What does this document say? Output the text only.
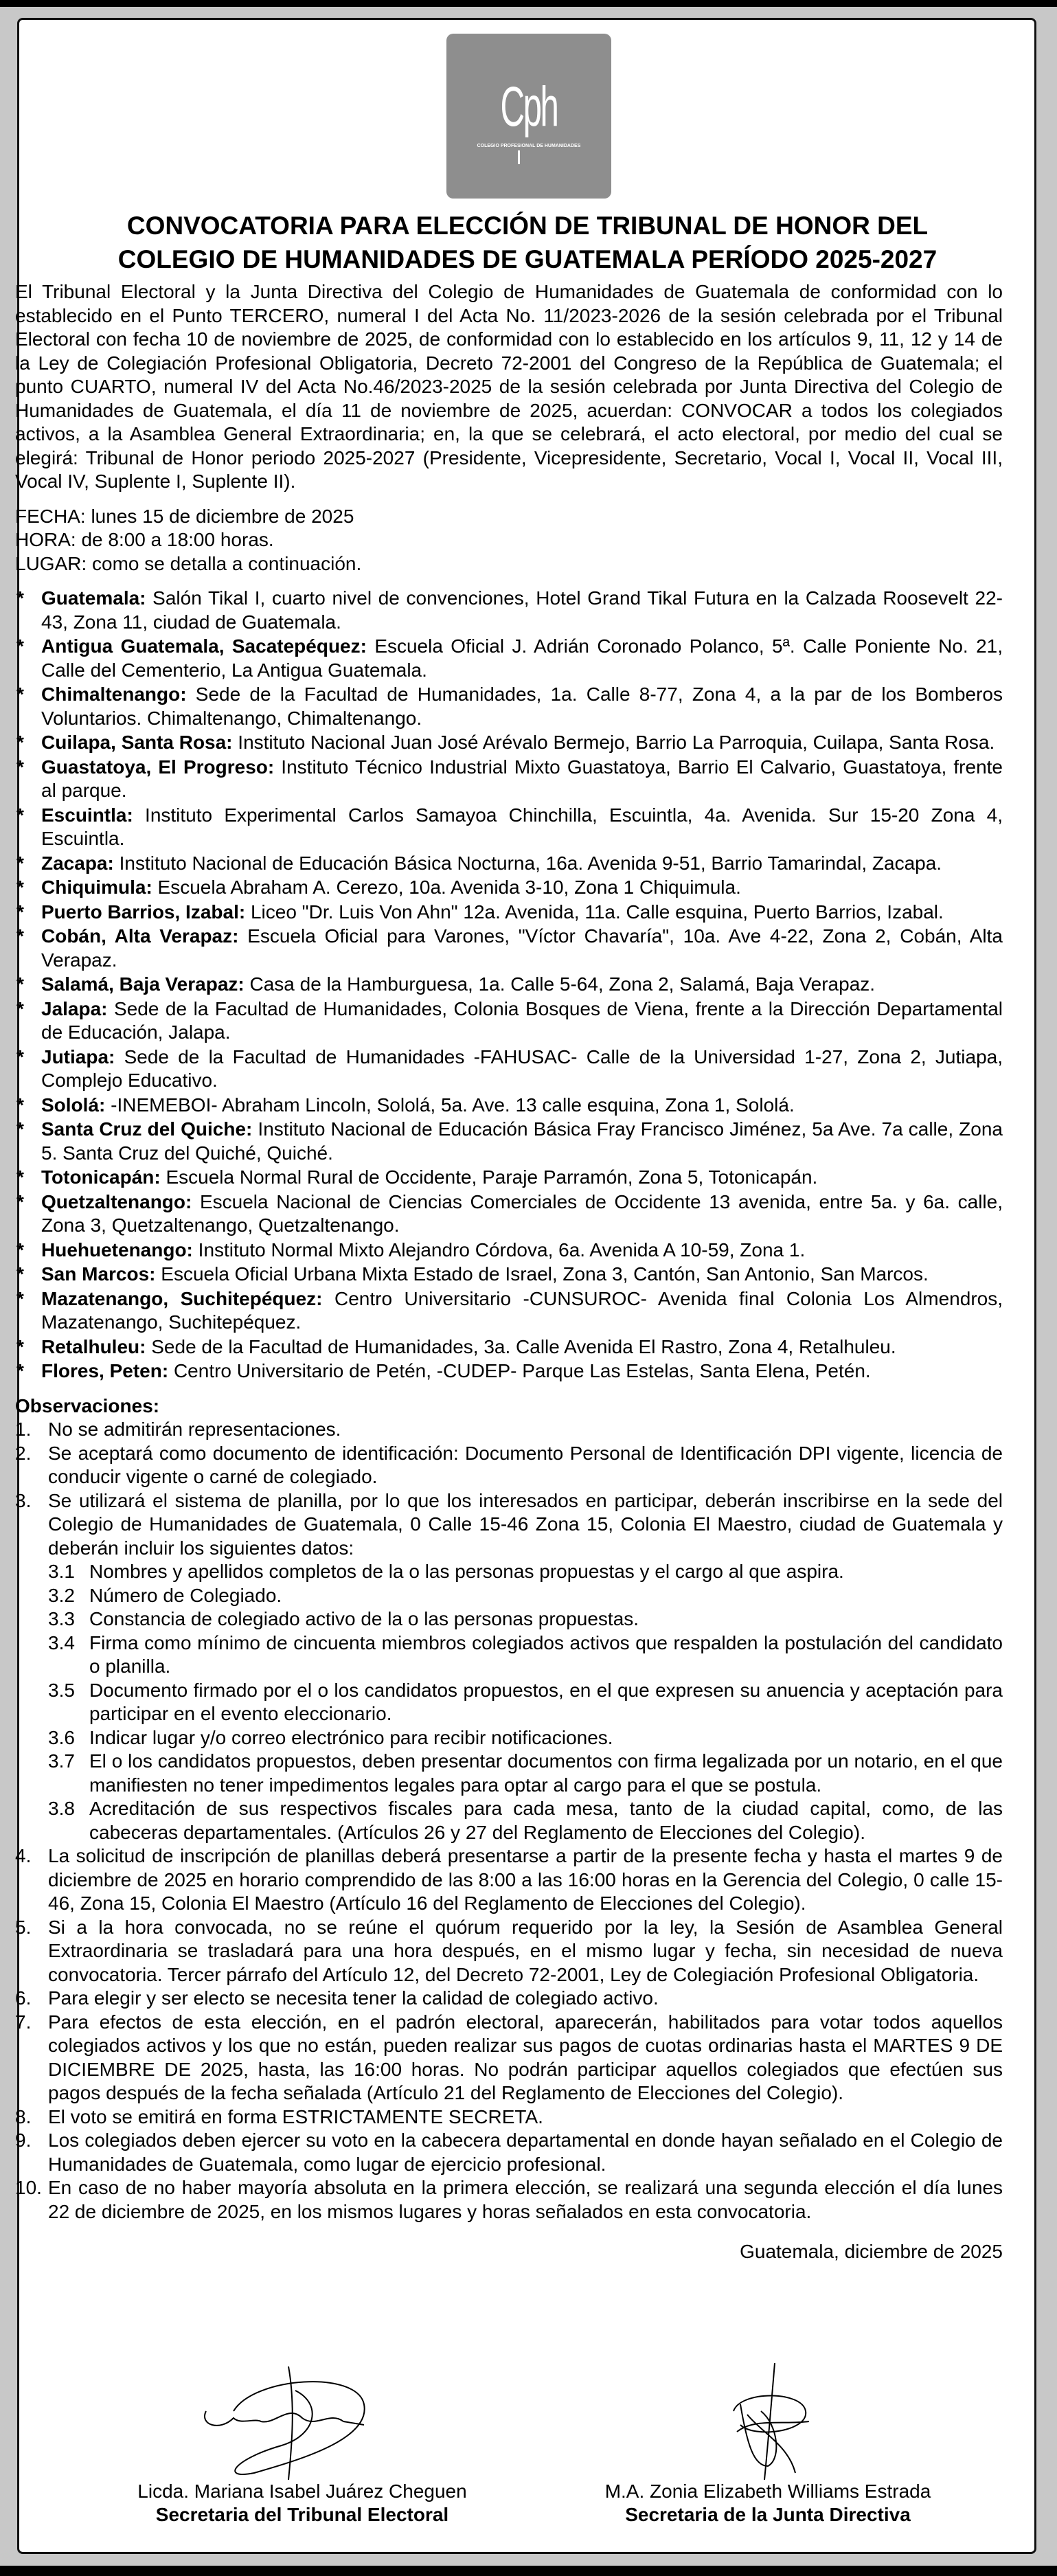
Cph
COLEGIO PROFESIONAL DE HUMANIDADES
CONVOCATORIA PARA ELECCIÓN DE TRIBUNAL DE HONOR DEL
COLEGIO DE HUMANIDADES DE GUATEMALA PERÍODO 2025-2027

El Tribunal Electoral y la Junta Directiva del Colegio de Humanidades de Guatemala de conformidad con lo establecido en el Punto TERCERO, numeral I del Acta No. 11/2023-2026 de la sesión celebrada por el Tribunal Electoral con fecha 10 de noviembre de 2025, de conformidad con lo establecido en los artículos 9, 11, 12 y 14 de la Ley de Colegiación Profesional Obligatoria, Decreto 72-2001 del Congreso de la República de Guatemala; el punto CUARTO, numeral IV del Acta No.46/2023-2025 de la sesión celebrada por Junta Directiva del Colegio de Humanidades de Guatemala, el día 11 de noviembre de 2025, acuerdan: CONVOCAR a todos los colegiados activos, a la Asamblea General Extraordinaria; en, la que se celebrará, el acto electoral, por medio del cual se elegirá: Tribunal de Honor periodo 2025-2027 (Presidente, Vicepresidente, Secretario, Vocal I, Vocal II, Vocal III, Vocal IV, Suplente I, Suplente II).

FECHA: lunes 15 de diciembre de 2025
HORA: de 8:00 a 18:00 horas.
LUGAR: como se detalla a continuación.
* Guatemala: Salón Tikal I, cuarto nivel de convenciones, Hotel Grand Tikal Futura en la Calzada Roosevelt 22-43, Zona 11, ciudad de Guatemala.
* Antigua Guatemala, Sacatepéquez: Escuela Oficial J. Adrián Coronado Polanco, 5ª. Calle Poniente No. 21, Calle del Cementerio, La Antigua Guatemala.
* Chimaltenango: Sede de la Facultad de Humanidades, 1a. Calle 8-77, Zona 4, a la par de los Bomberos Voluntarios. Chimaltenango, Chimaltenango.
* Cuilapa, Santa Rosa: Instituto Nacional Juan José Arévalo Bermejo, Barrio La Parroquia, Cuilapa, Santa Rosa.
* Guastatoya, El Progreso: Instituto Técnico Industrial Mixto Guastatoya, Barrio El Calvario, Guastatoya, frente al parque.
* Escuintla: Instituto Experimental Carlos Samayoa Chinchilla, Escuintla, 4a. Avenida. Sur 15-20 Zona 4, Escuintla.
* Zacapa: Instituto Nacional de Educación Básica Nocturna, 16a. Avenida 9-51, Barrio Tamarindal, Zacapa.
* Chiquimula: Escuela Abraham A. Cerezo, 10a. Avenida 3-10, Zona 1 Chiquimula.
* Puerto Barrios, Izabal: Liceo "Dr. Luis Von Ahn" 12a. Avenida, 11a. Calle esquina, Puerto Barrios, Izabal.
* Cobán, Alta Verapaz: Escuela Oficial para Varones, "Víctor Chavaría", 10a. Ave 4-22, Zona 2, Cobán, Alta Verapaz.
* Salamá, Baja Verapaz: Casa de la Hamburguesa, 1a. Calle 5-64, Zona 2, Salamá, Baja Verapaz.
* Jalapa: Sede de la Facultad de Humanidades, Colonia Bosques de Viena, frente a la Dirección Departamental de Educación, Jalapa.
* Jutiapa: Sede de la Facultad de Humanidades -FAHUSAC- Calle de la Universidad 1-27, Zona 2, Jutiapa, Complejo Educativo.
* Sololá: -INEMEBOI- Abraham Lincoln, Sololá, 5a. Ave. 13 calle esquina, Zona 1, Sololá.
* Santa Cruz del Quiche: Instituto Nacional de Educación Básica Fray Francisco Jiménez, 5a Ave. 7a calle, Zona 5. Santa Cruz del Quiché, Quiché.
* Totonicapán: Escuela Normal Rural de Occidente, Paraje Parramón, Zona 5, Totonicapán.
* Quetzaltenango: Escuela Nacional de Ciencias Comerciales de Occidente 13 avenida, entre 5a. y 6a. calle, Zona 3, Quetzaltenango, Quetzaltenango.
* Huehuetenango: Instituto Normal Mixto Alejandro Córdova, 6a. Avenida A 10-59, Zona 1.
* San Marcos: Escuela Oficial Urbana Mixta Estado de Israel, Zona 3, Cantón, San Antonio, San Marcos.
* Mazatenango, Suchitepéquez: Centro Universitario -CUNSUROC- Avenida final Colonia Los Almendros, Mazatenango, Suchitepéquez.
* Retalhuleu: Sede de la Facultad de Humanidades, 3a. Calle Avenida El Rastro, Zona 4, Retalhuleu.
* Flores, Peten: Centro Universitario de Petén, -CUDEP- Parque Las Estelas, Santa Elena, Petén.
Observaciones:
1. No se admitirán representaciones.
2. Se aceptará como documento de identificación: Documento Personal de Identificación DPI vigente, licencia de conducir vigente o carné de colegiado.
3. Se utilizará el sistema de planilla, por lo que los interesados en participar, deberán inscribirse en la sede del Colegio de Humanidades de Guatemala, 0 Calle 15-46 Zona 15, Colonia El Maestro, ciudad de Guatemala y deberán incluir los siguientes datos:
3.1 Nombres y apellidos completos de la o las personas propuestas y el cargo al que aspira.
3.2 Número de Colegiado.
3.3 Constancia de colegiado activo de la o las personas propuestas.
3.4 Firma como mínimo de cincuenta miembros colegiados activos que respalden la postulación del candidato o planilla.
3.5 Documento firmado por el o los candidatos propuestos, en el que expresen su anuencia y aceptación para participar en el evento eleccionario.
3.6 Indicar lugar y/o correo electrónico para recibir notificaciones.
3.7 El o los candidatos propuestos, deben presentar documentos con firma legalizada por un notario, en el que manifiesten no tener impedimentos legales para optar al cargo para el que se postula.
3.8 Acreditación de sus respectivos fiscales para cada mesa, tanto de la ciudad capital, como, de las cabeceras departamentales. (Artículos 26 y 27 del Reglamento de Elecciones del Colegio).
4. La solicitud de inscripción de planillas deberá presentarse a partir de la presente fecha y hasta el martes 9 de diciembre de 2025 en horario comprendido de las 8:00 a las 16:00 horas en la Gerencia del Colegio, 0 calle 15-46, Zona 15, Colonia El Maestro (Artículo 16 del Reglamento de Elecciones del Colegio).
5. Si a la hora convocada, no se reúne el quórum requerido por la ley, la Sesión de Asamblea General Extraordinaria se trasladará para una hora después, en el mismo lugar y fecha, sin necesidad de nueva convocatoria. Tercer párrafo del Artículo 12, del Decreto 72-2001, Ley de Colegiación Profesional Obligatoria.
6. Para elegir y ser electo se necesita tener la calidad de colegiado activo.
7. Para efectos de esta elección, en el padrón electoral, aparecerán, habilitados para votar todos aquellos colegiados activos y los que no están, pueden realizar sus pagos de cuotas ordinarias hasta el MARTES 9 DE DICIEMBRE DE 2025, hasta, las 16:00 horas. No podrán participar aquellos colegiados que efectúen sus pagos después de la fecha señalada (Artículo 21 del Reglamento de Elecciones del Colegio).
8. El voto se emitirá en forma ESTRICTAMENTE SECRETA.
9. Los colegiados deben ejercer su voto en la cabecera departamental en donde hayan señalado en el Colegio de Humanidades de Guatemala, como lugar de ejercicio profesional.
10. En caso de no haber mayoría absoluta en la primera elección, se realizará una segunda elección el día lunes 22 de diciembre de 2025, en los mismos lugares y horas señalados en esta convocatoria.
Guatemala, diciembre de 2025
Licda. Mariana Isabel Juárez Cheguen
Secretaria del Tribunal Electoral
M.A. Zonia Elizabeth Williams Estrada
Secretaria de la Junta Directiva
